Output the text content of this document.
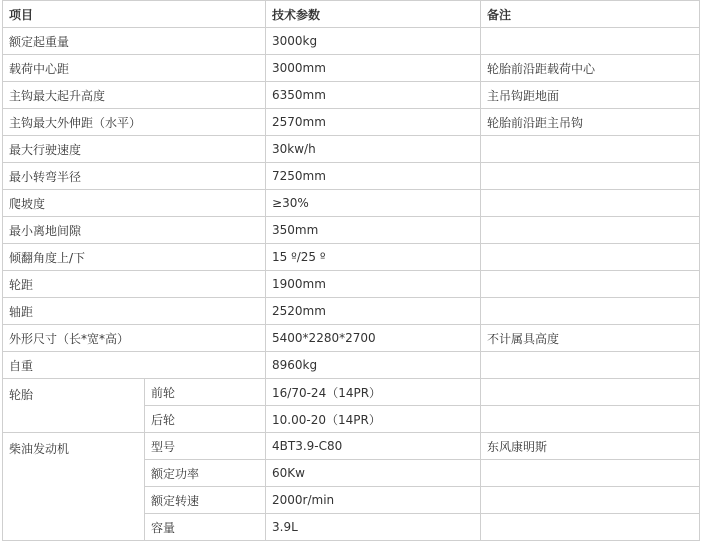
项目		技术参数	备注
额定起重量		3000kg	
载荷中心距		3000mm	轮胎前沿距载荷中心
主钩最大起升高度		6350mm	主吊钩距地面
主钩最大外伸距（水平）		2570mm	轮胎前沿距主吊钩
最大行驶速度		30kw/h	
最小转弯半径		7250mm	
爬坡度		≥30%	
最小离地间隙		350mm	
倾翻角度上/下		15 º/25 º	
轮距		1900mm	
轴距		2520mm	
外形尺寸（长*宽*高）		5400*2280*2700	不计属具高度
自重		8960kg	
轮胎	前轮	16/70-24（14PR）	
	后轮	10.00-20（14PR）	
柴油发动机	型号	4BT3.9-C80	东风康明斯
	额定功率	60Kw	
	额定转速	2000r/min	
	容量	3.9L	
